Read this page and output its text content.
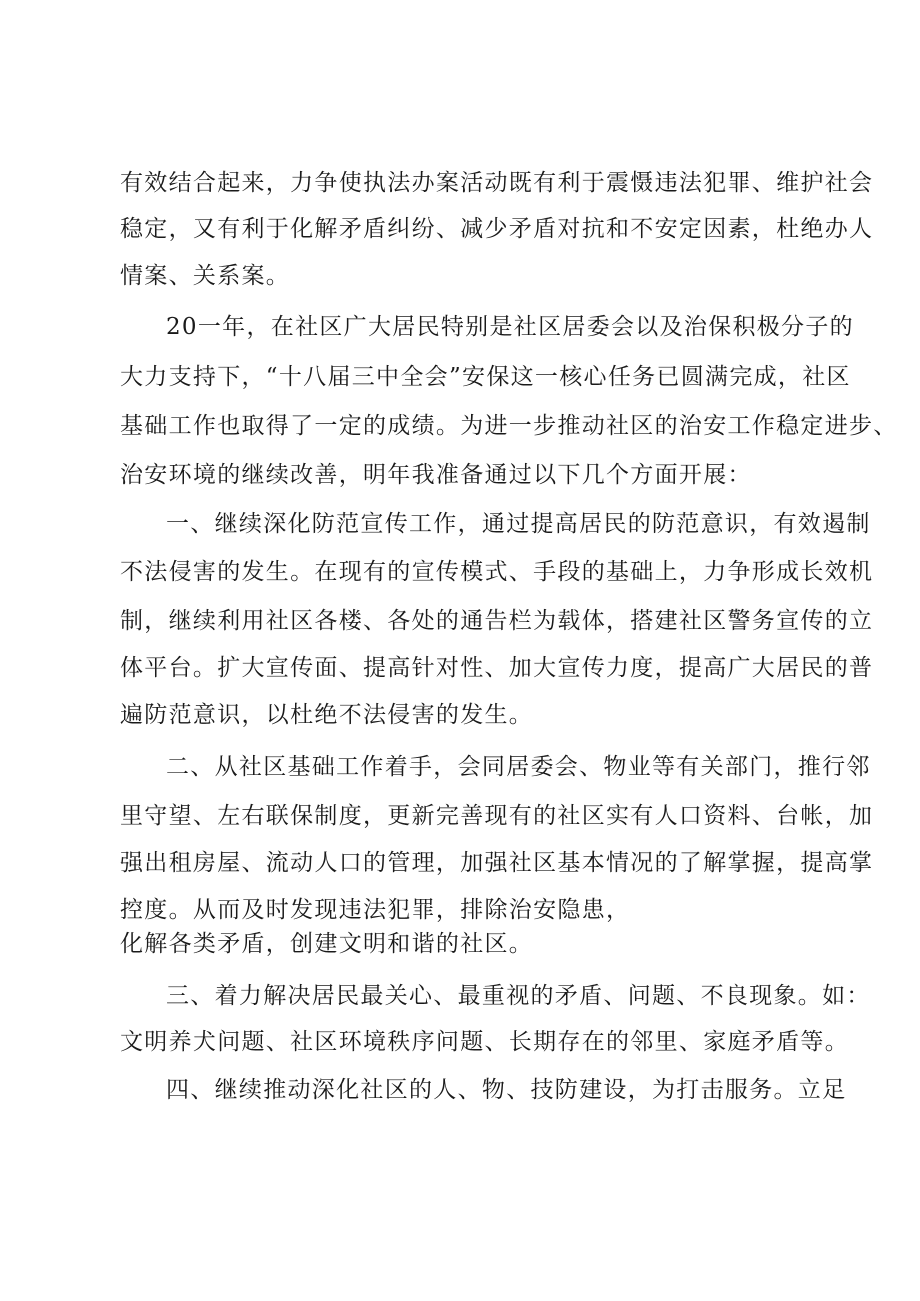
有效结合起来，力争使执法办案活动既有利于震慑违法犯罪、维护社会
稳定，又有利于化解矛盾纠纷、减少矛盾对抗和不安定因素，杜绝办人
情案、关系案。
20一年，在社区广大居民特别是社区居委会以及治保积极分子的
大力支持下，“十八届三中全会”安保这一核心任务已圆满完成，社区
基础工作也取得了一定的成绩。为进一步推动社区的治安工作稳定进步、
治安环境的继续改善，明年我准备通过以下几个方面开展：
一、继续深化防范宣传工作，通过提高居民的防范意识，有效遏制
不法侵害的发生。在现有的宣传模式、手段的基础上，力争形成长效机
制，继续利用社区各楼、各处的通告栏为载体，搭建社区警务宣传的立
体平台。扩大宣传面、提高针对性、加大宣传力度，提高广大居民的普
遍防范意识，以杜绝不法侵害的发生。
二、从社区基础工作着手，会同居委会、物业等有关部门，推行邻
里守望、左右联保制度，更新完善现有的社区实有人口资料、台帐，加
强出租房屋、流动人口的管理，加强社区基本情况的了解掌握，提高掌
控度。从而及时发现违法犯罪，排除治安隐患，
化解各类矛盾，创建文明和谐的社区。
三、着力解决居民最关心、最重视的矛盾、问题、不良现象。如：
文明养犬问题、社区环境秩序问题、长期存在的邻里、家庭矛盾等。
四、继续推动深化社区的人、物、技防建设，为打击服务。立足
